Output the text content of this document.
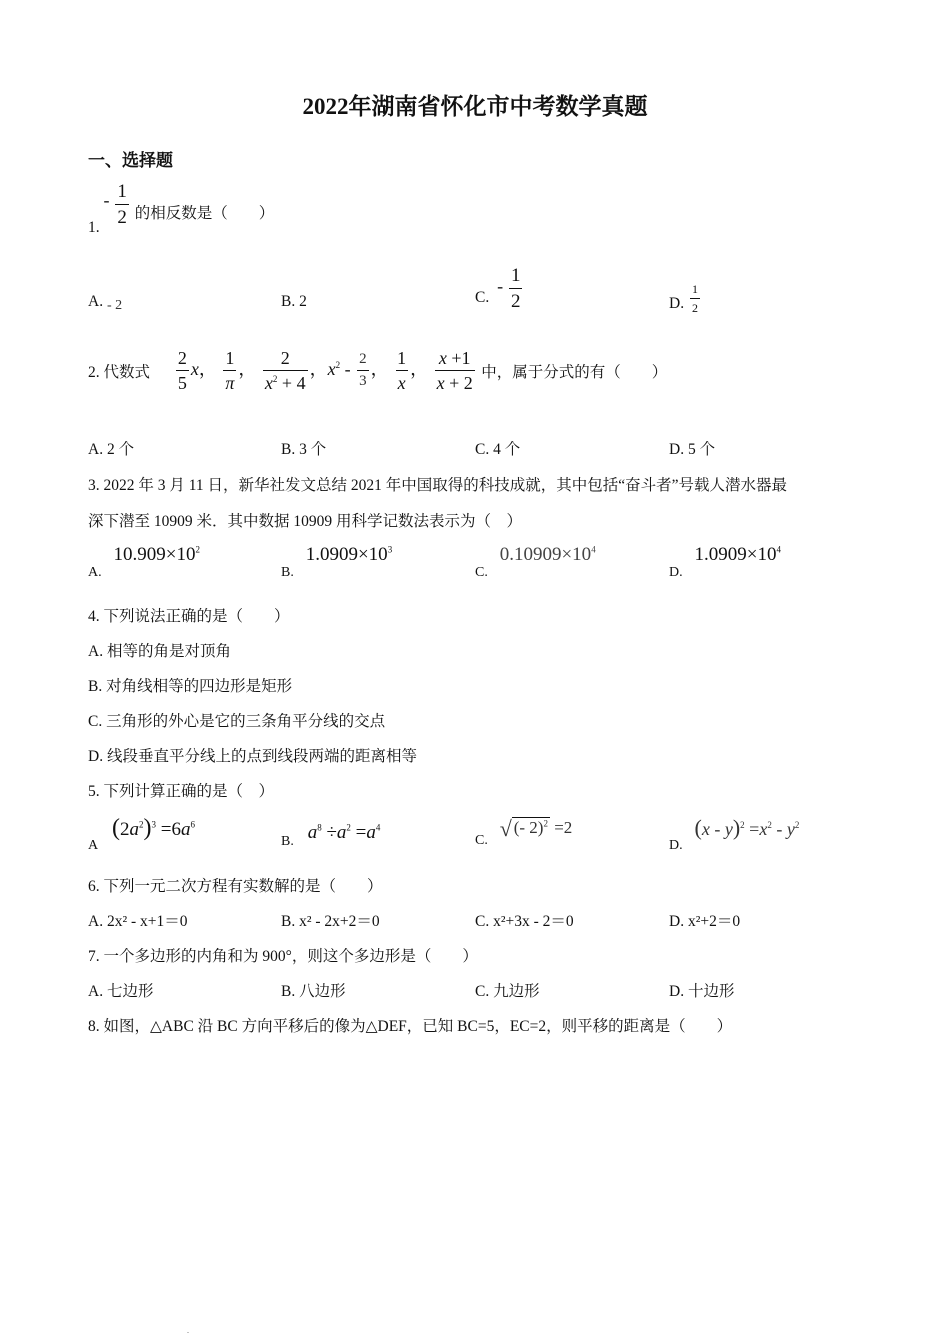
2022年湖南省怀化市中考数学真题
一、选择题
1. - $\frac{1}{2}$ 的相反数是（　　）
A. - 2	B. 2	C. - $\frac{1}{2}$	D. $\frac{1}{2}$
2. 代数式 $\frac{2}{5}$ x， $\frac{1}{\pi}$ ， $\frac{2}{x^2 + 4}$ ，$x^2 - \frac{2}{3}$ ， $\frac{1}{x}$ ， $\frac{x +1}{x + 2}$ 中，属于分式的有（　　）
A. 2 个	B. 3 个	C. 4 个	D. 5 个
3. 2022 年 3 月 11 日，新华社发文总结 2021 年中国取得的科技成就，其中包括“奋斗者”号载人潜水器最
深下潜至 10909 米．其中数据 10909 用科学记数法表示为（　）
A. $10.909\times 10^2$
B. $1.0909\times 10^3$
C. $0.10909\times 10^4$
D. $1.0909\times 10^4$
4. 下列说法正确的是（　　）
A. 相等的角是对顶角
B. 对角线相等的四边形是矩形
C. 三角形的外心是它的三条角平分线的交点
D. 线段垂直平分线上的点到线段两端的距离相等
5. 下列计算正确的是（　）
A $(2a^2)^3 =6a^6$
B. $a^8 \div a^2 =a^4$
C. √ (- 2)$^2$ =2
D. $(x - y)^2 =x^2 - y^2$
6. 下列一元二次方程有实数解的是（　　）
A. 2x² - x+1＝0	B. x² - 2x+2＝0	C. x²+3x - 2＝0	D. x²+2＝0
7. 一个多边形的内角和为 900°，则这个多边形是（　　）
A. 七边形	B. 八边形	C. 九边形	D. 十边形
8. 如图，△ABC 沿 BC 方向平移后的像为△DEF，已知 BC=5，EC=2，则平移的距离是（　　）
.
